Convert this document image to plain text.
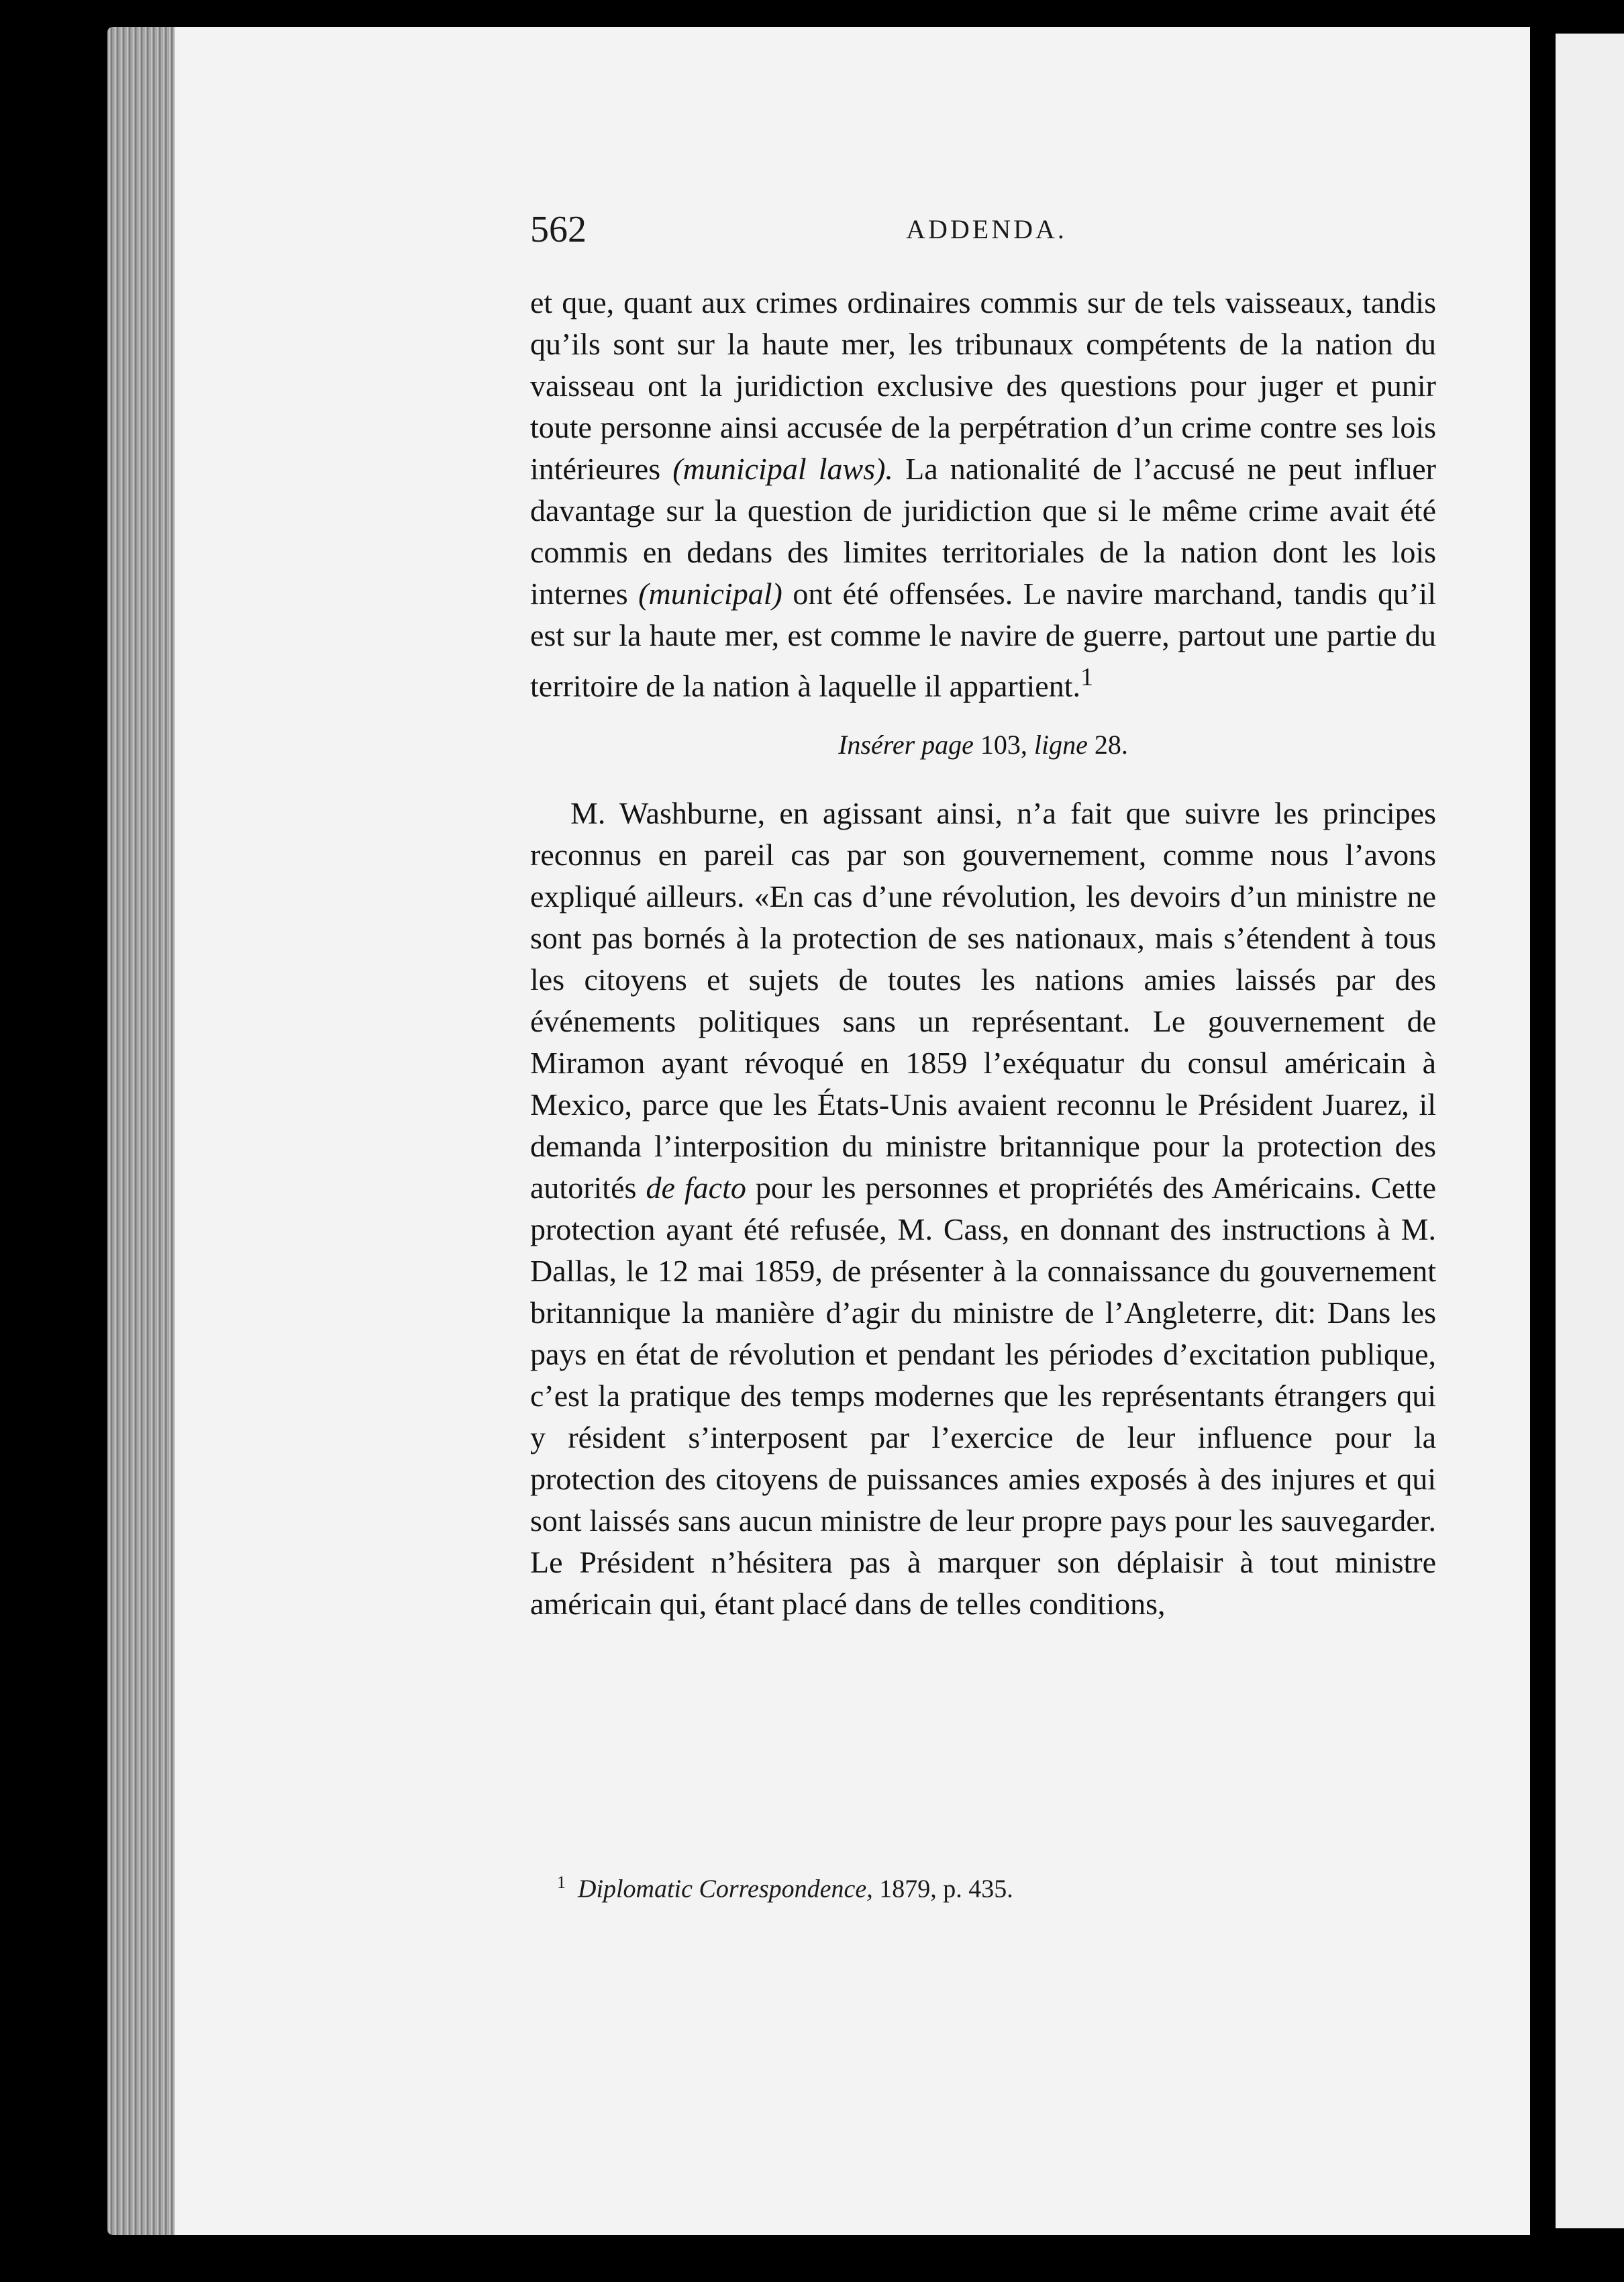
562	ADDENDA.

et que, quant aux crimes ordinaires commis sur de tels vaisseaux, tandis qu’ils sont sur la haute mer, les tribunaux compétents de la nation du vaisseau ont la juridiction exclusive des questions pour juger et punir toute personne ainsi accusée de la perpétration d’un crime contre ses lois intérieures (municipal laws). La nationalité de l’accusé ne peut influer davantage sur la question de juridiction que si le même crime avait été commis en dedans des limites territoriales de la nation dont les lois internes (municipal) ont été offensées. Le navire marchand, tandis qu’il est sur la haute mer, est comme le navire de guerre, partout une partie du territoire de la nation à laquelle il appartient.$^1$

Insérer page 103, ligne 28.

M. Washburne, en agissant ainsi, n’a fait que suivre les principes reconnus en pareil cas par son gouvernement, comme nous l’avons expliqué ailleurs. «En cas d’une révolution, les devoirs d’un ministre ne sont pas bornés à la protection de ses nationaux, mais s’étendent à tous les citoyens et sujets de toutes les nations amies laissés par des événements politiques sans un représentant. Le gouvernement de Miramon ayant révoqué en 1859 l’exéquatur du consul américain à Mexico, parce que les États-Unis avaient reconnu le Président Juarez, il demanda l’interposition du ministre britannique pour la protection des autorités de facto pour les personnes et propriétés des Américains. Cette protection ayant été refusée, M. Cass, en donnant des instructions à M. Dallas, le 12 mai 1859, de présenter à la connaissance du gouvernement britannique la manière d’agir du ministre de l’Angleterre, dit: Dans les pays en état de révolution et pendant les périodes d’excitation publique, c’est la pratique des temps modernes que les représentants étrangers qui y résident s’interposent par l’exercice de leur influence pour la protection des citoyens de puissances amies exposés à des injures et qui sont laissés sans aucun ministre de leur propre pays pour les sauvegarder. Le Président n’hésitera pas à marquer son déplaisir à tout ministre américain qui, étant placé dans de telles conditions,

$^1$ Diplomatic Correspondence, 1879, p. 435.
